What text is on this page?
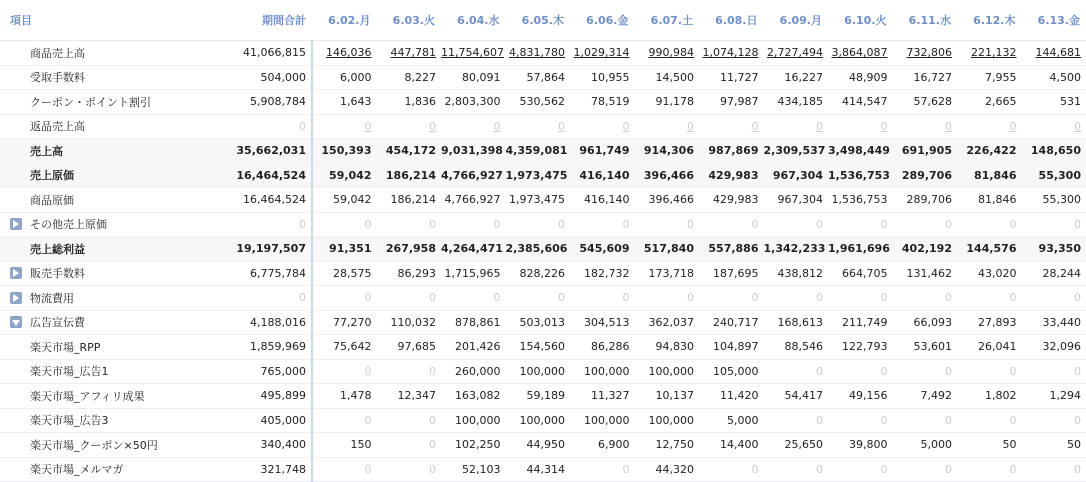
項目	期間合計	6.02.月	6.03.火	6.04.水	6.05.木	6.06.金	6.07.土	6.08.日	6.09.月	6.10.火	6.11.水	6.12.木	6.13.金
商品売上高	41,066,815	146,036	447,781	11,754,607	4,831,780	1,029,314	990,984	1,074,128	2,727,494	3,864,087	732,806	221,132	144,681
受取手数料	504,000	6,000	8,227	80,091	57,864	10,955	14,500	11,727	16,227	48,909	16,727	7,955	4,500
クーポン・ポイント割引	5,908,784	1,643	1,836	2,803,300	530,562	78,519	91,178	97,987	434,185	414,547	57,628	2,665	531
返品売上高	0	0	0	0	0	0	0	0	0	0	0	0	0
売上高	35,662,031	150,393	454,172	9,031,398	4,359,081	961,749	914,306	987,869	2,309,537	3,498,449	691,905	226,422	148,650
売上原価	16,464,524	59,042	186,214	4,766,927	1,973,475	416,140	396,466	429,983	967,304	1,536,753	289,706	81,846	55,300
商品原価	16,464,524	59,042	186,214	4,766,927	1,973,475	416,140	396,466	429,983	967,304	1,536,753	289,706	81,846	55,300
その他売上原価	0	0	0	0	0	0	0	0	0	0	0	0	0
売上総利益	19,197,507	91,351	267,958	4,264,471	2,385,606	545,609	517,840	557,886	1,342,233	1,961,696	402,192	144,576	93,350
販売手数料	6,775,784	28,575	86,293	1,715,965	828,226	182,732	173,718	187,695	438,812	664,705	131,462	43,020	28,244
物流費用	0	0	0	0	0	0	0	0	0	0	0	0	0
広告宣伝費	4,188,016	77,270	110,032	878,861	503,013	304,513	362,037	240,717	168,613	211,749	66,093	27,893	33,440
楽天市場_RPP	1,859,969	75,642	97,685	201,426	154,560	86,286	94,830	104,897	88,546	122,793	53,601	26,041	32,096
楽天市場_広告1	765,000	0	0	260,000	100,000	100,000	100,000	105,000	0	0	0	0	0
楽天市場_アフィリ成果	495,899	1,478	12,347	163,082	59,189	11,327	10,137	11,420	54,417	49,156	7,492	1,802	1,294
楽天市場_広告3	405,000	0	0	100,000	100,000	100,000	100,000	5,000	0	0	0	0	0
楽天市場_クーポン×50円	340,400	150	0	102,250	44,950	6,900	12,750	14,400	25,650	39,800	5,000	50	50
楽天市場_メルマガ	321,748	0	0	52,103	44,314	0	44,320	0	0	0	0	0	0
